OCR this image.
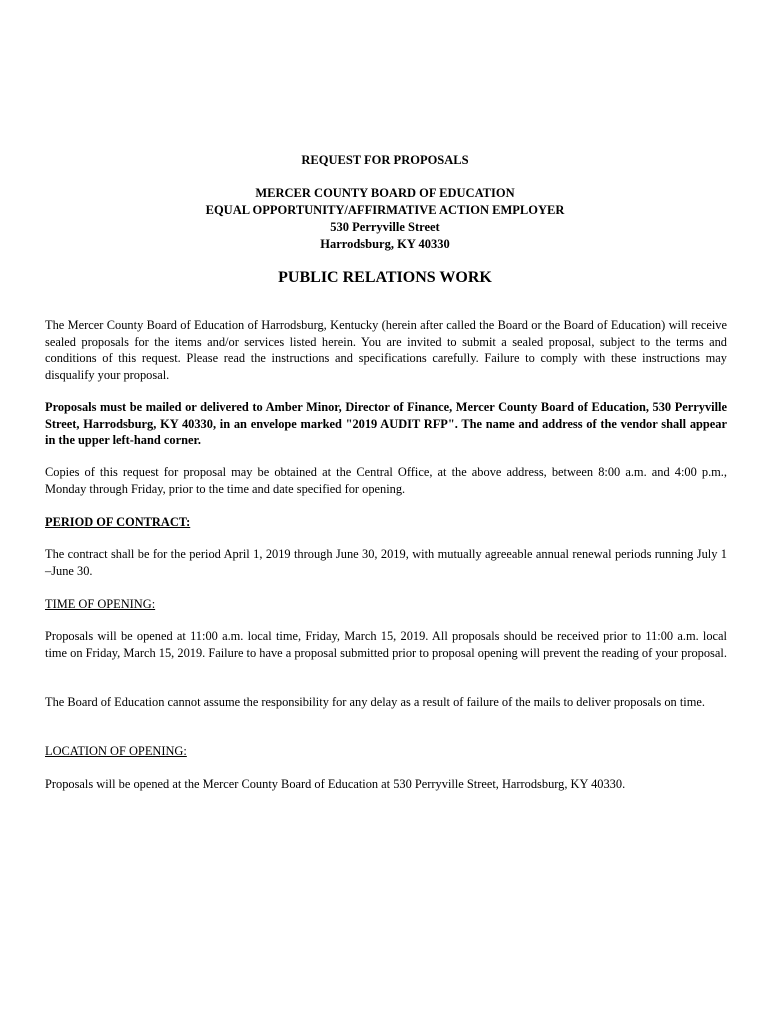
REQUEST FOR PROPOSALS
MERCER COUNTY BOARD OF EDUCATION
EQUAL OPPORTUNITY/AFFIRMATIVE ACTION EMPLOYER
530 Perryville Street
Harrodsburg, KY 40330
PUBLIC RELATIONS WORK

The Mercer County Board of Education of Harrodsburg, Kentucky (herein after called the Board or the Board of Education) will receive sealed proposals for the items and/or services listed herein. You are invited to submit a sealed proposal, subject to the terms and conditions of this request. Please read the instructions and specifications carefully. Failure to comply with these instructions may disqualify your proposal.

Proposals must be mailed or delivered to Amber Minor, Director of Finance, Mercer County Board of Education, 530 Perryville Street, Harrodsburg, KY 40330, in an envelope marked "2019 AUDIT RFP". The name and address of the vendor shall appear in the upper left-hand corner.

Copies of this request for proposal may be obtained at the Central Office, at the above address, between 8:00 a.m. and 4:00 p.m., Monday through Friday, prior to the time and date specified for opening.

PERIOD OF CONTRACT:

The contract shall be for the period April 1, 2019 through June 30, 2019, with mutually agreeable annual renewal periods running July 1 –June 30.

TIME OF OPENING:

Proposals will be opened at 11:00 a.m. local time, Friday, March 15, 2019. All proposals should be received prior to 11:00 a.m. local time on Friday, March 15, 2019. Failure to have a proposal submitted prior to proposal opening will prevent the reading of your proposal.

The Board of Education cannot assume the responsibility for any delay as a result of failure of the mails to deliver proposals on time.

LOCATION OF OPENING:

Proposals will be opened at the Mercer County Board of Education at 530 Perryville Street, Harrodsburg, KY 40330.
